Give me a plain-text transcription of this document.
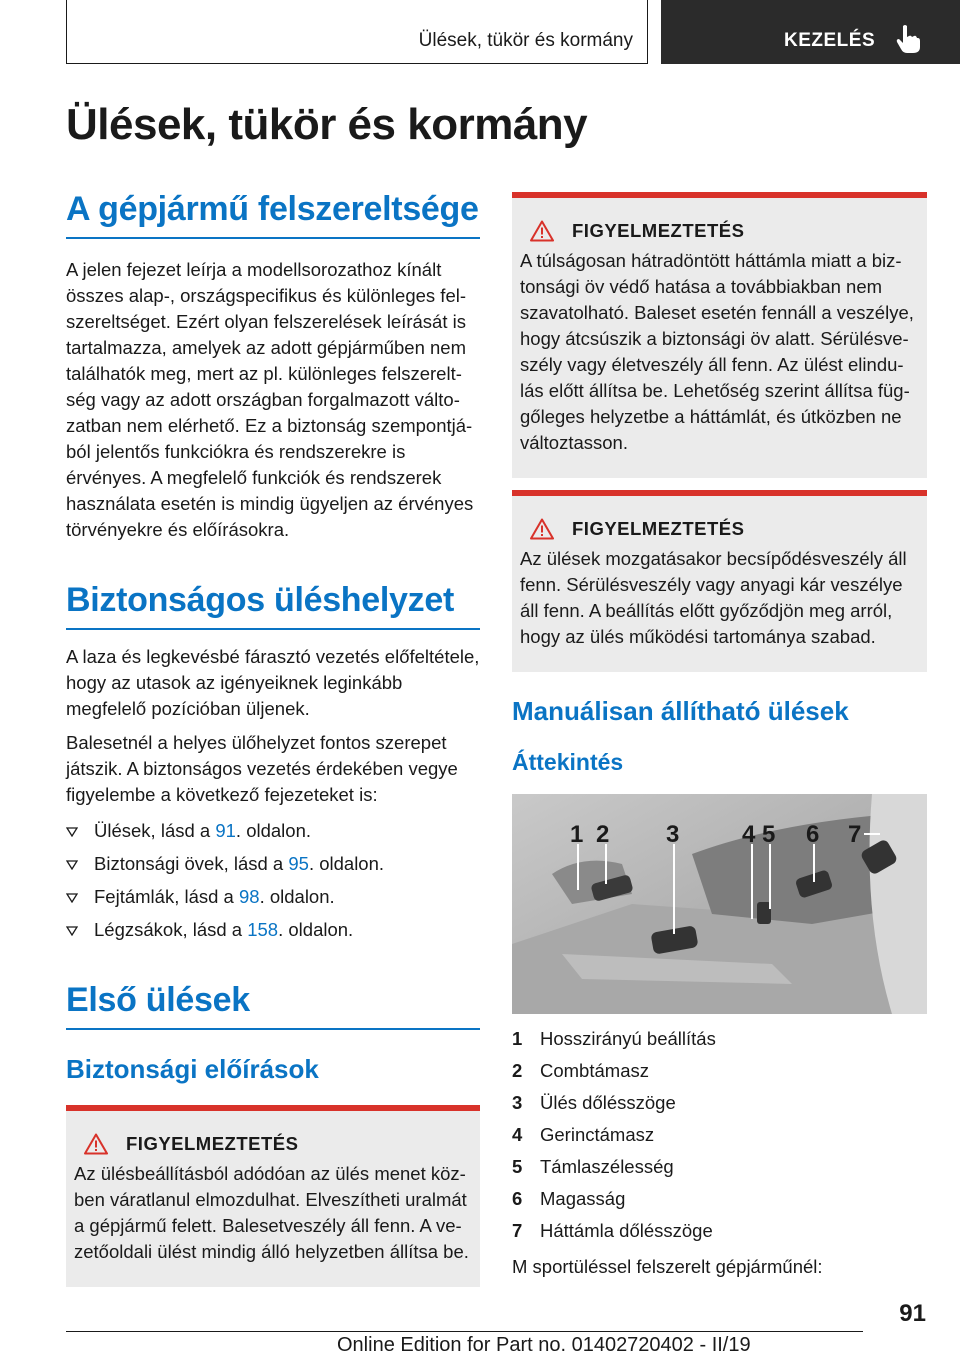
Ülések, tükör és kormány	KEZELÉS
Ülések, tükör és kormány
A gépjármű felszereltsége

A jelen fejezet leírja a modellsorozathoz kínált összes alap-, országspecifikus és különleges felszereltséget. Ezért olyan felszerelések leírását is tartalmazza, amelyek az adott gépjárműben nem találhatók meg, mert az pl. különleges felszereltség vagy az adott országban forgalmazott változatban nem elérhető. Ez a biztonság szempontjából jelentős funkciókra és rendszerekre is érvényes. A megfelelő funkciók és rendszerek használata esetén is mindig ügyeljen az érvényes törvényekre és előírásokra.

Biztonságos üléshelyzet

A laza és legkevésbé fárasztó vezetés előfeltétele, hogy az utasok az igényeiknek leginkább megfelelő pozícióban üljenek.

Balesetnél a helyes ülőhelyzet fontos szerepet játszik. A biztonságos vezetés érdekében vegye figyelembe a következő fejezeteket is:

Ülések, lásd a 91. oldalon.
Biztonsági övek, lásd a 95. oldalon.
Fejtámlák, lásd a 98. oldalon.
Légzsákok, lásd a 158. oldalon.
Első ülések
Biztonsági előírások
FIGYELMEZTETÉS

Az ülésbeállításból adódóan az ülés menet közben váratlanul elmozdulhat. Elveszítheti uralmát a gépjármű felett. Balesetveszély áll fenn. A vezetőoldali ülést mindig álló helyzetben állítsa be.

FIGYELMEZTETÉS

A túlságosan hátradöntött háttámla miatt a biztonsági öv védő hatása a továbbiakban nem szavatolható. Baleset esetén fennáll a veszélye, hogy átcsúszik a biztonsági öv alatt. Sérülésveszély vagy életveszély áll fenn. Az ülést elindulás előtt állítsa be. Lehetőség szerint állítsa függőleges helyzetbe a háttámlát, és útközben ne változtasson.

FIGYELMEZTETÉS

Az ülések mozgatásakor becsípődésveszély áll fenn. Sérülésveszély vagy anyagi kár veszélye áll fenn. A beállítás előtt győződjön meg arról, hogy az ülés működési tartománya szabad.

Manuálisan állítható ülések
Áttekintés
1 2 3	4 5 6 7
1 Hosszirányú beállítás
2 Combtámasz
3 Ülés dőlésszöge
4 Gerinctámasz
5 Támlaszélesség
6 Magasság
7 Háttámla dőlésszöge

M sportüléssel felszerelt gépjárműnél:

91
Online Edition for Part no. 01402720402 - II/19
